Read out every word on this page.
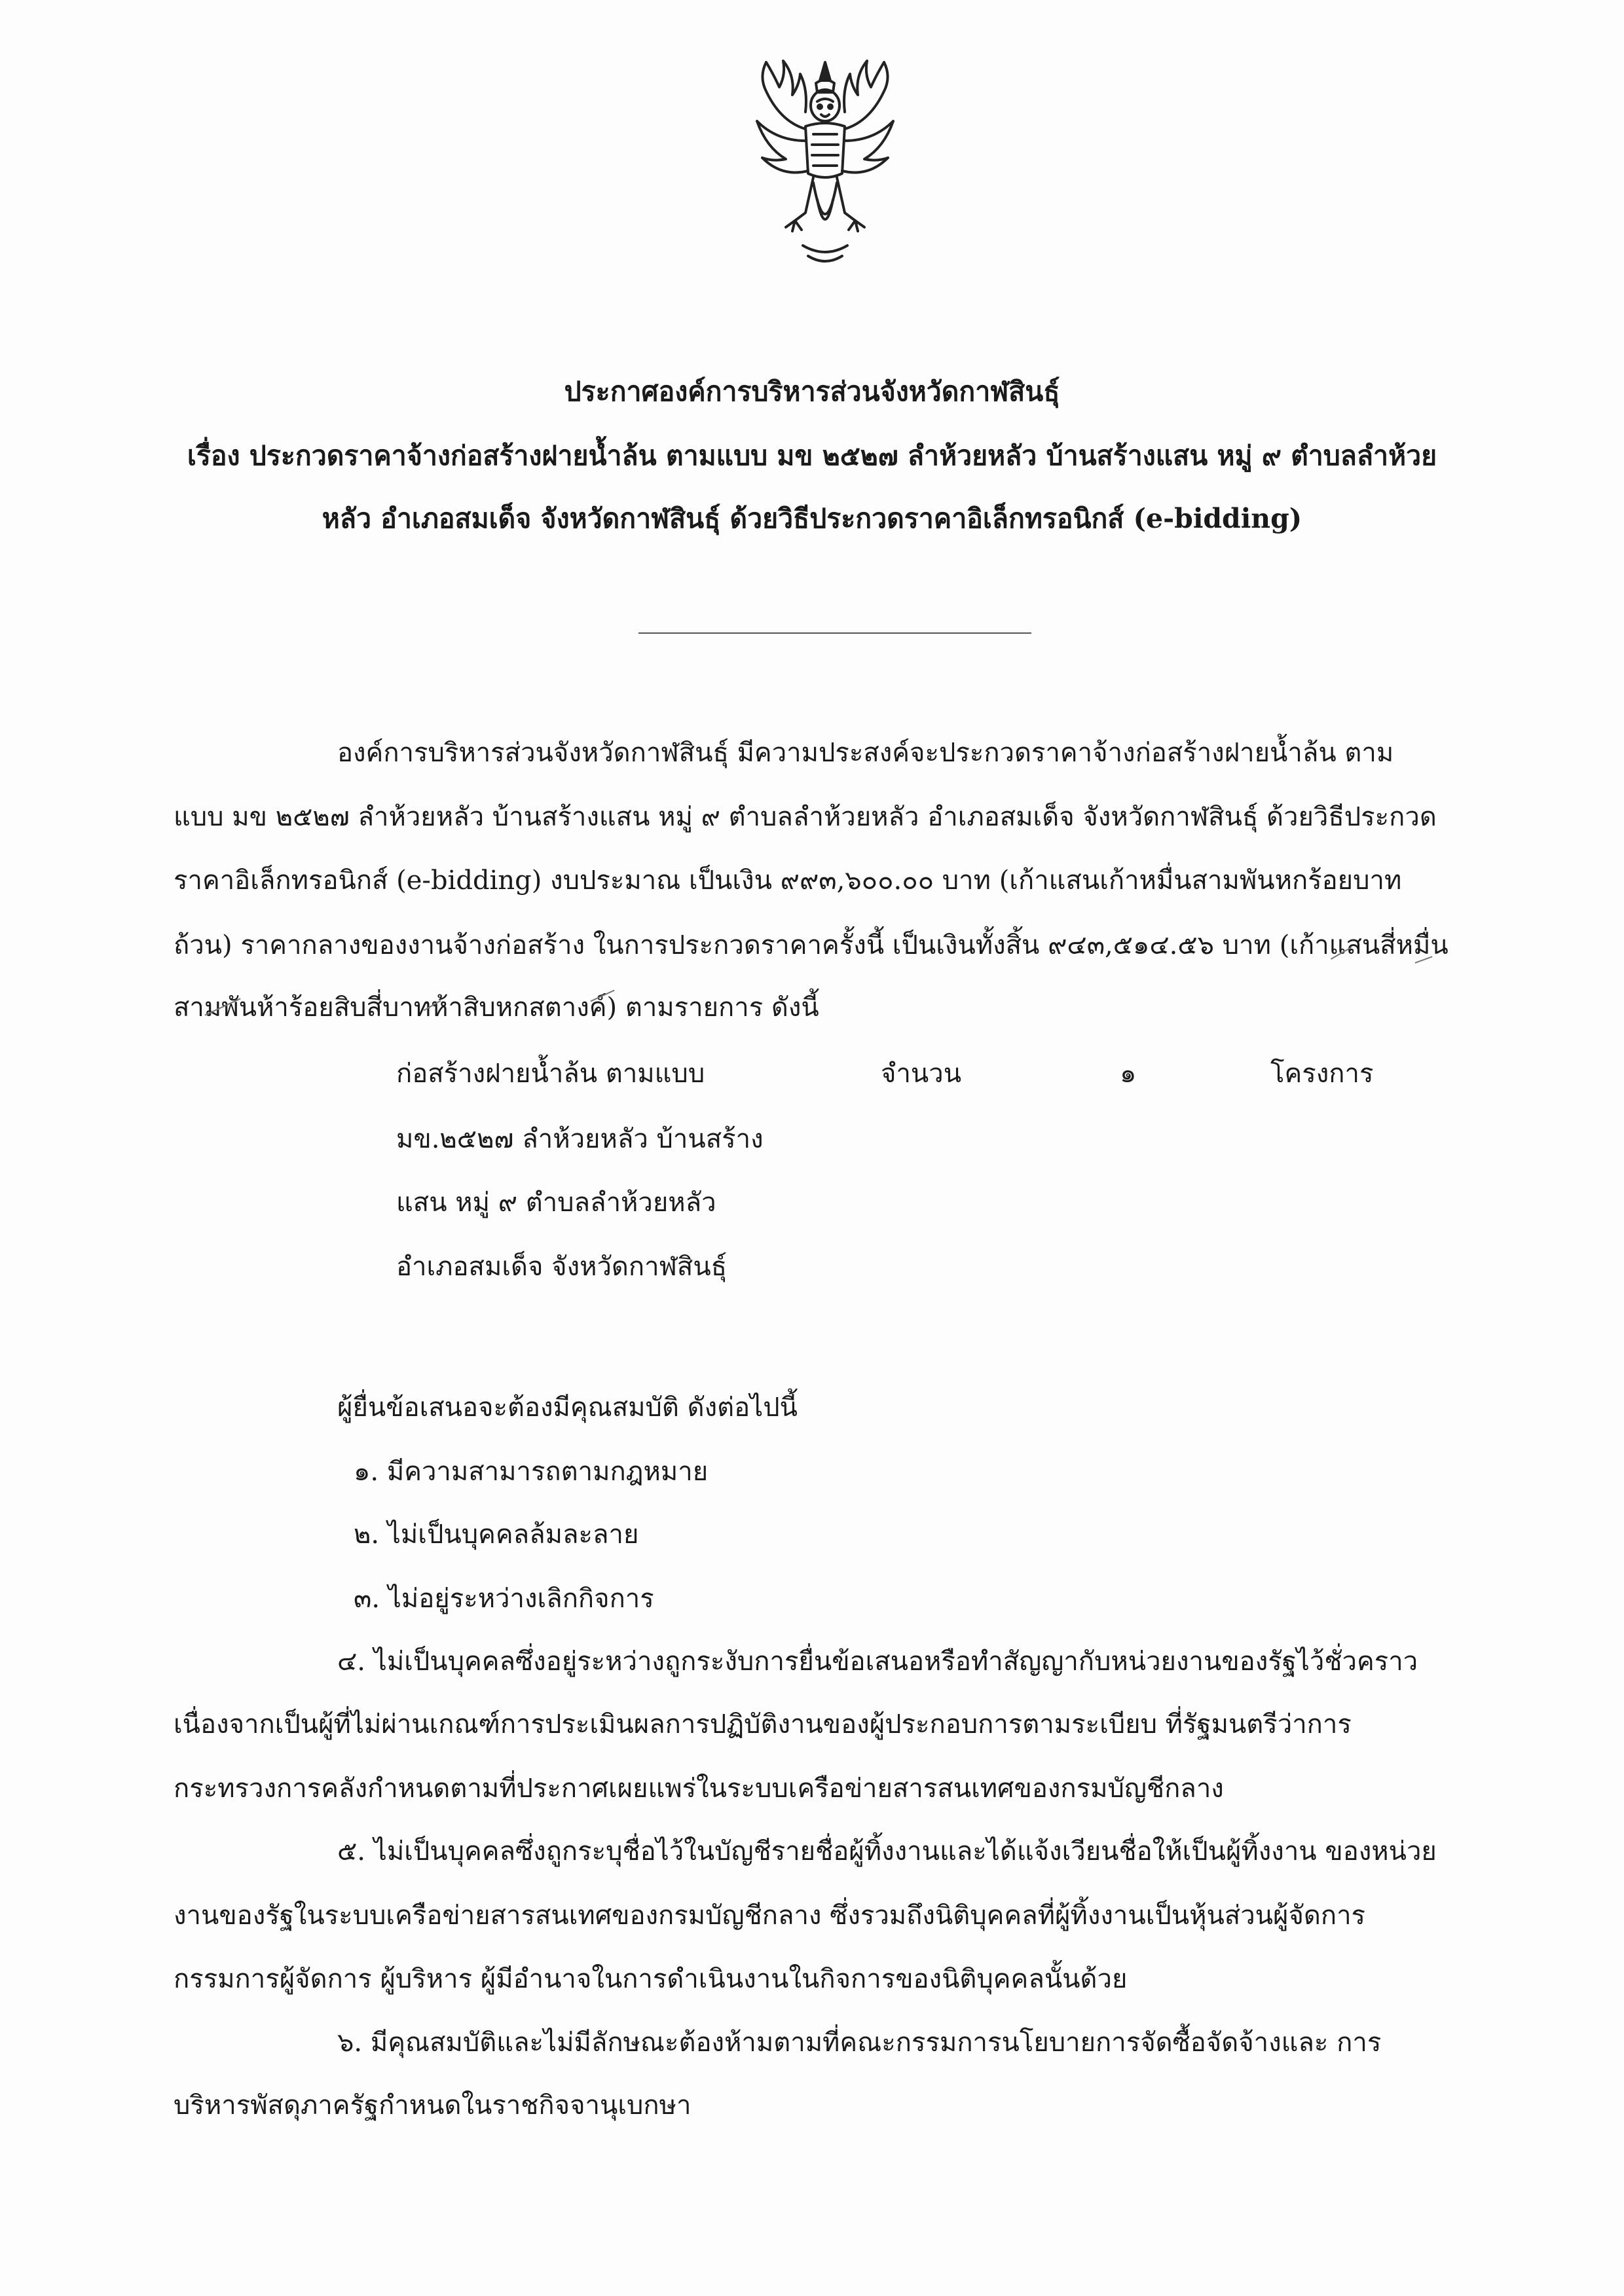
ประกาศองค์การบริหารส่วนจังหวัดกาฬสินธุ์
เรื่อง ประกวดราคาจ้างก่อสร้างฝายน้ำล้น ตามแบบ มข ๒๕๒๗ ลำห้วยหลัว บ้านสร้างแสน หมู่ ๙ ตำบลลำห้วย
หลัว อำเภอสมเด็จ จังหวัดกาฬสินธุ์ ด้วยวิธีประกวดราคาอิเล็กทรอนิกส์ (e-bidding)
องค์การบริหารส่วนจังหวัดกาฬสินธุ์ มีความประสงค์จะประกวดราคาจ้างก่อสร้างฝายน้ำล้น ตาม
แบบ มข ๒๕๒๗ ลำห้วยหลัว บ้านสร้างแสน หมู่ ๙ ตำบลลำห้วยหลัว อำเภอสมเด็จ จังหวัดกาฬสินธุ์ ด้วยวิธีประกวด
ราคาอิเล็กทรอนิกส์ (e-bidding) งบประมาณ เป็นเงิน ๙๙๓,๖๐๐.๐๐ บาท (เก้าแสนเก้าหมื่นสามพันหกร้อยบาท
ถ้วน) ราคากลางของงานจ้างก่อสร้าง ในการประกวดราคาครั้งนี้ เป็นเงินทั้งสิ้น ๙๔๓,๕๑๔.๕๖ บาท (เก้าแสนสี่หมื่น
สามพันห้าร้อยสิบสี่บาทห้าสิบหกสตางค์) ตามรายการ ดังนี้
ก่อสร้างฝายน้ำล้น ตามแบบ
มข.๒๕๒๗ ลำห้วยหลัว บ้านสร้าง
แสน หมู่ ๙ ตำบลลำห้วยหลัว
อำเภอสมเด็จ จังหวัดกาฬสินธุ์
จำนวน	๑	โครงการ
ผู้ยื่นข้อเสนอจะต้องมีคุณสมบัติ ดังต่อไปนี้
๑. มีความสามารถตามกฎหมาย
๒. ไม่เป็นบุคคลล้มละลาย
๓. ไม่อยู่ระหว่างเลิกกิจการ
๔. ไม่เป็นบุคคลซึ่งอยู่ระหว่างถูกระงับการยื่นข้อเสนอหรือทำสัญญากับหน่วยงานของรัฐไว้ชั่วคราว
เนื่องจากเป็นผู้ที่ไม่ผ่านเกณฑ์การประเมินผลการปฏิบัติงานของผู้ประกอบการตามระเบียบ ที่รัฐมนตรีว่าการ
กระทรวงการคลังกำหนดตามที่ประกาศเผยแพร่ในระบบเครือข่ายสารสนเทศของกรมบัญชีกลาง
๕. ไม่เป็นบุคคลซึ่งถูกระบุชื่อไว้ในบัญชีรายชื่อผู้ทิ้งงานและได้แจ้งเวียนชื่อให้เป็นผู้ทิ้งงาน ของหน่วย
งานของรัฐในระบบเครือข่ายสารสนเทศของกรมบัญชีกลาง ซึ่งรวมถึงนิติบุคคลที่ผู้ทิ้งงานเป็นหุ้นส่วนผู้จัดการ
กรรมการผู้จัดการ ผู้บริหาร ผู้มีอำนาจในการดำเนินงานในกิจการของนิติบุคคลนั้นด้วย
๖. มีคุณสมบัติและไม่มีลักษณะต้องห้ามตามที่คณะกรรมการนโยบายการจัดซื้อจัดจ้างและ การ
บริหารพัสดุภาครัฐกำหนดในราชกิจจานุเบกษา
